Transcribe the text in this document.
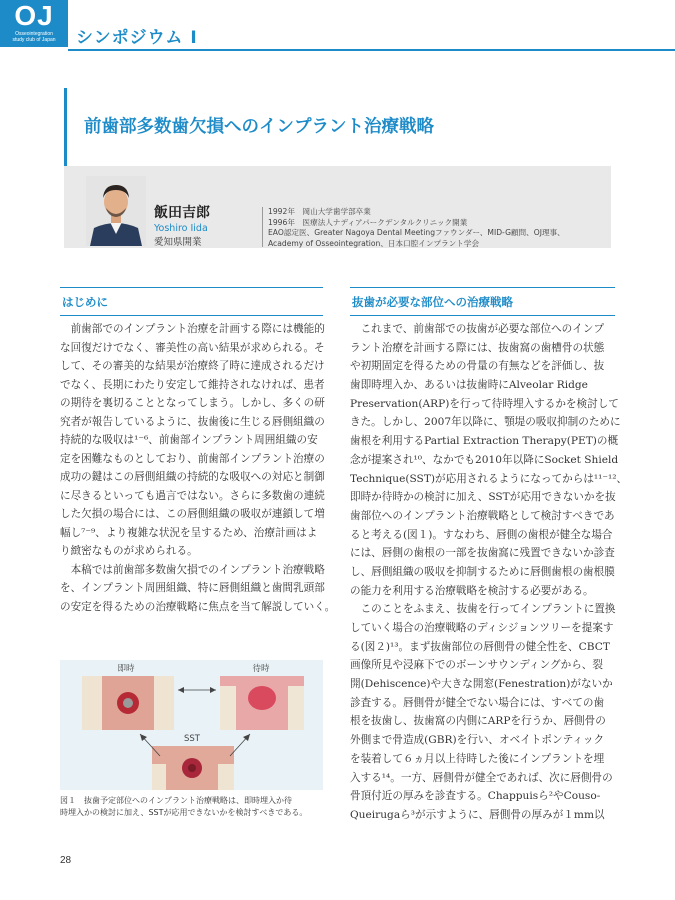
OJ
Osseointegration
study club of Japan	シンポジウム Ⅰ
前歯部多数歯欠損へのインプラント治療戦略
飯田吉郎
Yoshiro Iida
愛知県開業
1992年　岡山大学歯学部卒業
1996年　医療法人ナディアパークデンタルクリニック開業
EAO認定医、Greater Nagoya Dental Meetingファウンダー、MID-G顧問、OJ理事、
Academy of Osseointegration、日本口腔インプラント学会
はじめに
　前歯部でのインプラント治療を計画する際には機能的
な回復だけでなく、審美性の高い結果が求められる。そ
して、その審美的な結果が治療終了時に達成されるだけ
でなく、長期にわたり安定して維持されなければ、患者
の期待を裏切ることとなってしまう。しかし、多くの研
究者が報告しているように、抜歯後に生じる唇側組織の
持続的な吸収は¹⁻⁶、前歯部インプラント周囲組織の安
定を困難なものとしており、前歯部インプラント治療の
成功の鍵はこの唇側組織の持続的な吸収への対応と制御
に尽きるといっても過言ではない。さらに多数歯の連続
した欠損の場合には、この唇側組織の吸収が連鎖して増
幅し⁷⁻⁹、より複雑な状況を呈するため、治療計画はよ
り緻密なものが求められる。
　本稿では前歯部多数歯欠損でのインプラント治療戦略
を、インプラント周囲組織、特に唇側組織と歯間乳頭部
の安定を得るための治療戦略に焦点を当て解説していく。
即時	待時
SST
図１　抜歯予定部位へのインプラント治療戦略は、即時埋入か待
時埋入かの検討に加え、SSTが応用できないかを検討すべきである。
抜歯が必要な部位への治療戦略
　これまで、前歯部での抜歯が必要な部位へのインプ
ラント治療を計画する際には、抜歯窩の歯槽骨の状態
や初期固定を得るための骨量の有無などを評価し、抜
歯即時埋入か、あるいは抜歯時にAlveolar Ridge
Preservation(ARP)を行って待時埋入するかを検討して
きた。しかし、2007年以降に、顎堤の吸収抑制のために
歯根を利用するPartial Extraction Therapy(PET)の概
念が提案され¹⁰、なかでも2010年以降にSocket Shield
Technique(SST)が応用されるようになってからは¹¹⁻¹²、
即時か待時かの検討に加え、SSTが応用できないかを抜
歯部位へのインプラント治療戦略として検討すべきであ
ると考える(図１)。すなわち、唇側の歯根が健全な場合
には、唇側の歯根の一部を抜歯窩に残置できないか診査
し、唇側組織の吸収を抑制するために唇側歯根の歯根膜
の能力を利用する治療戦略を検討する必要がある。
　このことをふまえ、抜歯を行ってインプラントに置換
していく場合の治療戦略のディシジョンツリーを提案す
る(図２)¹³。まず抜歯部位の唇側骨の健全性を、CBCT
画像所見や浸麻下でのボーンサウンディングから、裂
開(Dehiscence)や大きな開窓(Fenestration)がないか
診査する。唇側骨が健全でない場合には、すべての歯
根を抜歯し、抜歯窩の内側にARPを行うか、唇側骨の
外側まで骨造成(GBR)を行い、オベイトポンティック
を装着して６ヵ月以上待時した後にインプラントを埋
入する¹⁴。一方、唇側骨が健全であれば、次に唇側骨の
骨頂付近の厚みを診査する。Chappuisら²やCouso-
Queirugaら³が示すように、唇側骨の厚みが１mm以
28
